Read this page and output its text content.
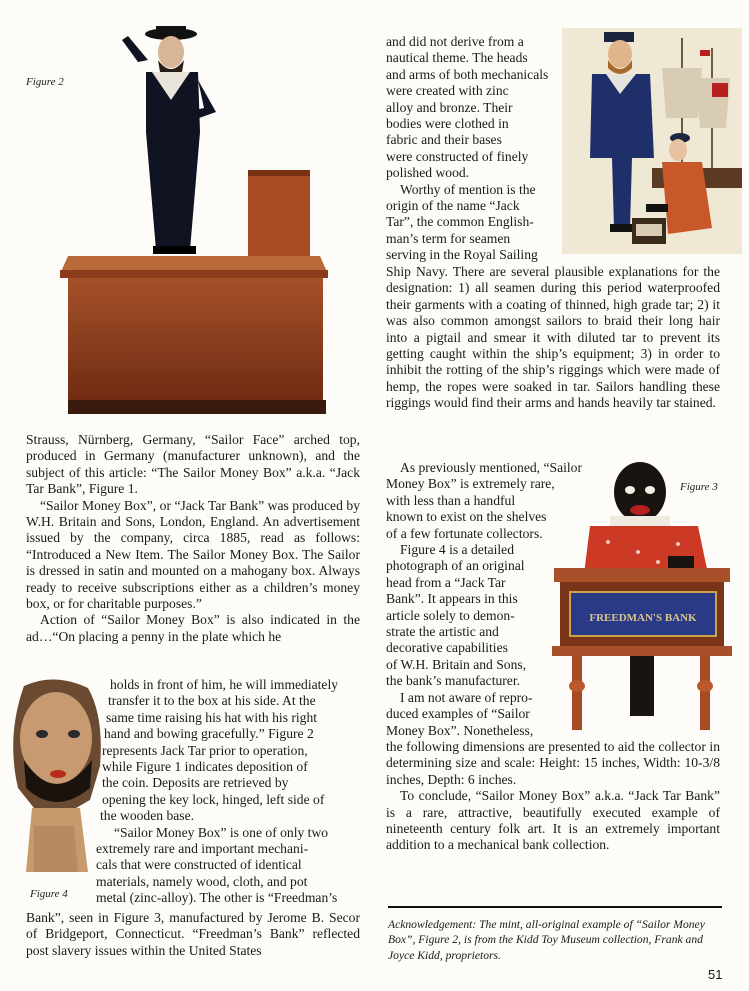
Figure 2
and did not derive from a
nautical theme. The heads
and arms of both mechanicals
were created with zinc
alloy and bronze. Their
bodies were clothed in
fabric and their bases
were constructed of finely
polished wood.
Worthy of mention is the
origin of the name “Jack
Tar”, the common English-
man’s term for seamen
serving in the Royal Sailing

Ship Navy. There are several plausible explanations for the designation: 1) all seamen during this period waterproofed their garments with a coating of thinned, high grade tar; 2) it was also common amongst sailors to braid their long hair into a pigtail and smear it with diluted tar to prevent its getting caught within the ship’s equipment; 3) in order to inhibit the rotting of the ship’s riggings which were made of hemp, the ropes were soaked in tar. Sailors handling these riggings would find their arms and hands heavily tar stained.

As previously mentioned, “Sailor
Money Box” is extremely rare,
with less than a handful
known to exist on the shelves
of a few fortunate collectors.
Figure 4 is a detailed
photograph of an original
head from a “Jack Tar
Bank”. It appears in this
article solely to demon-
strate the artistic and
decorative capabilities
of W.H. Britain and Sons,
the bank’s manufacturer.
I am not aware of repro-
duced examples of “Sailor
Money Box”. Nonetheless,
Figure 3
FREEDMAN'S BANK

the following dimensions are presented to aid the collector in determining size and scale: Height: 15 inches, Width: 10-3/8 inches, Depth: 6 inches.

To conclude, “Sailor Money Box” a.k.a. “Jack Tar Bank” is a rare, attractive, beautifully executed example of nineteenth century folk art. It is an extremely important addition to a mechanical bank collection.

Acknowledgement: The mint, all-original example of “Sailor Money Box”, Figure 2, is from the Kidd Toy Museum collection, Frank and Joyce Kidd, proprietors.
51

Strauss, Nürnberg, Germany, “Sailor Face” arched top, produced in Germany (manufacturer unknown), and the subject of this article: “The Sailor Money Box” a.k.a. “Jack Tar Bank”, Figure 1.

“Sailor Money Box”, or “Jack Tar Bank” was produced by W.H. Britain and Sons, London, England. An advertisement issued by the company, circa 1885, read as follows: “Introduced a New Item. The Sailor Money Box. The Sailor is dressed in satin and mounted on a mahogany box. Always ready to receive subscriptions either as a children’s money box, or for charitable purposes.”

Action of “Sailor Money Box” is also indicated in the ad…“On placing a penny in the plate which he

Figure 4
holds in front of him, he will immediately
transfer it to the box at his side. At the
same time raising his hat with his right
hand and bowing gracefully.” Figure 2
represents Jack Tar prior to operation,
while Figure 1 indicates deposition of
the coin. Deposits are retrieved by
opening the key lock, hinged, left side of
the wooden base.
“Sailor Money Box” is one of only two
extremely rare and important mechani-
cals that were constructed of identical
materials, namely wood, cloth, and pot
metal (zinc-alloy). The other is “Freedman’s

Bank”, seen in Figure 3, manufactured by Jerome B. Secor of Bridgeport, Connecticut. “Freedman’s Bank” reflected post slavery issues within the United States
